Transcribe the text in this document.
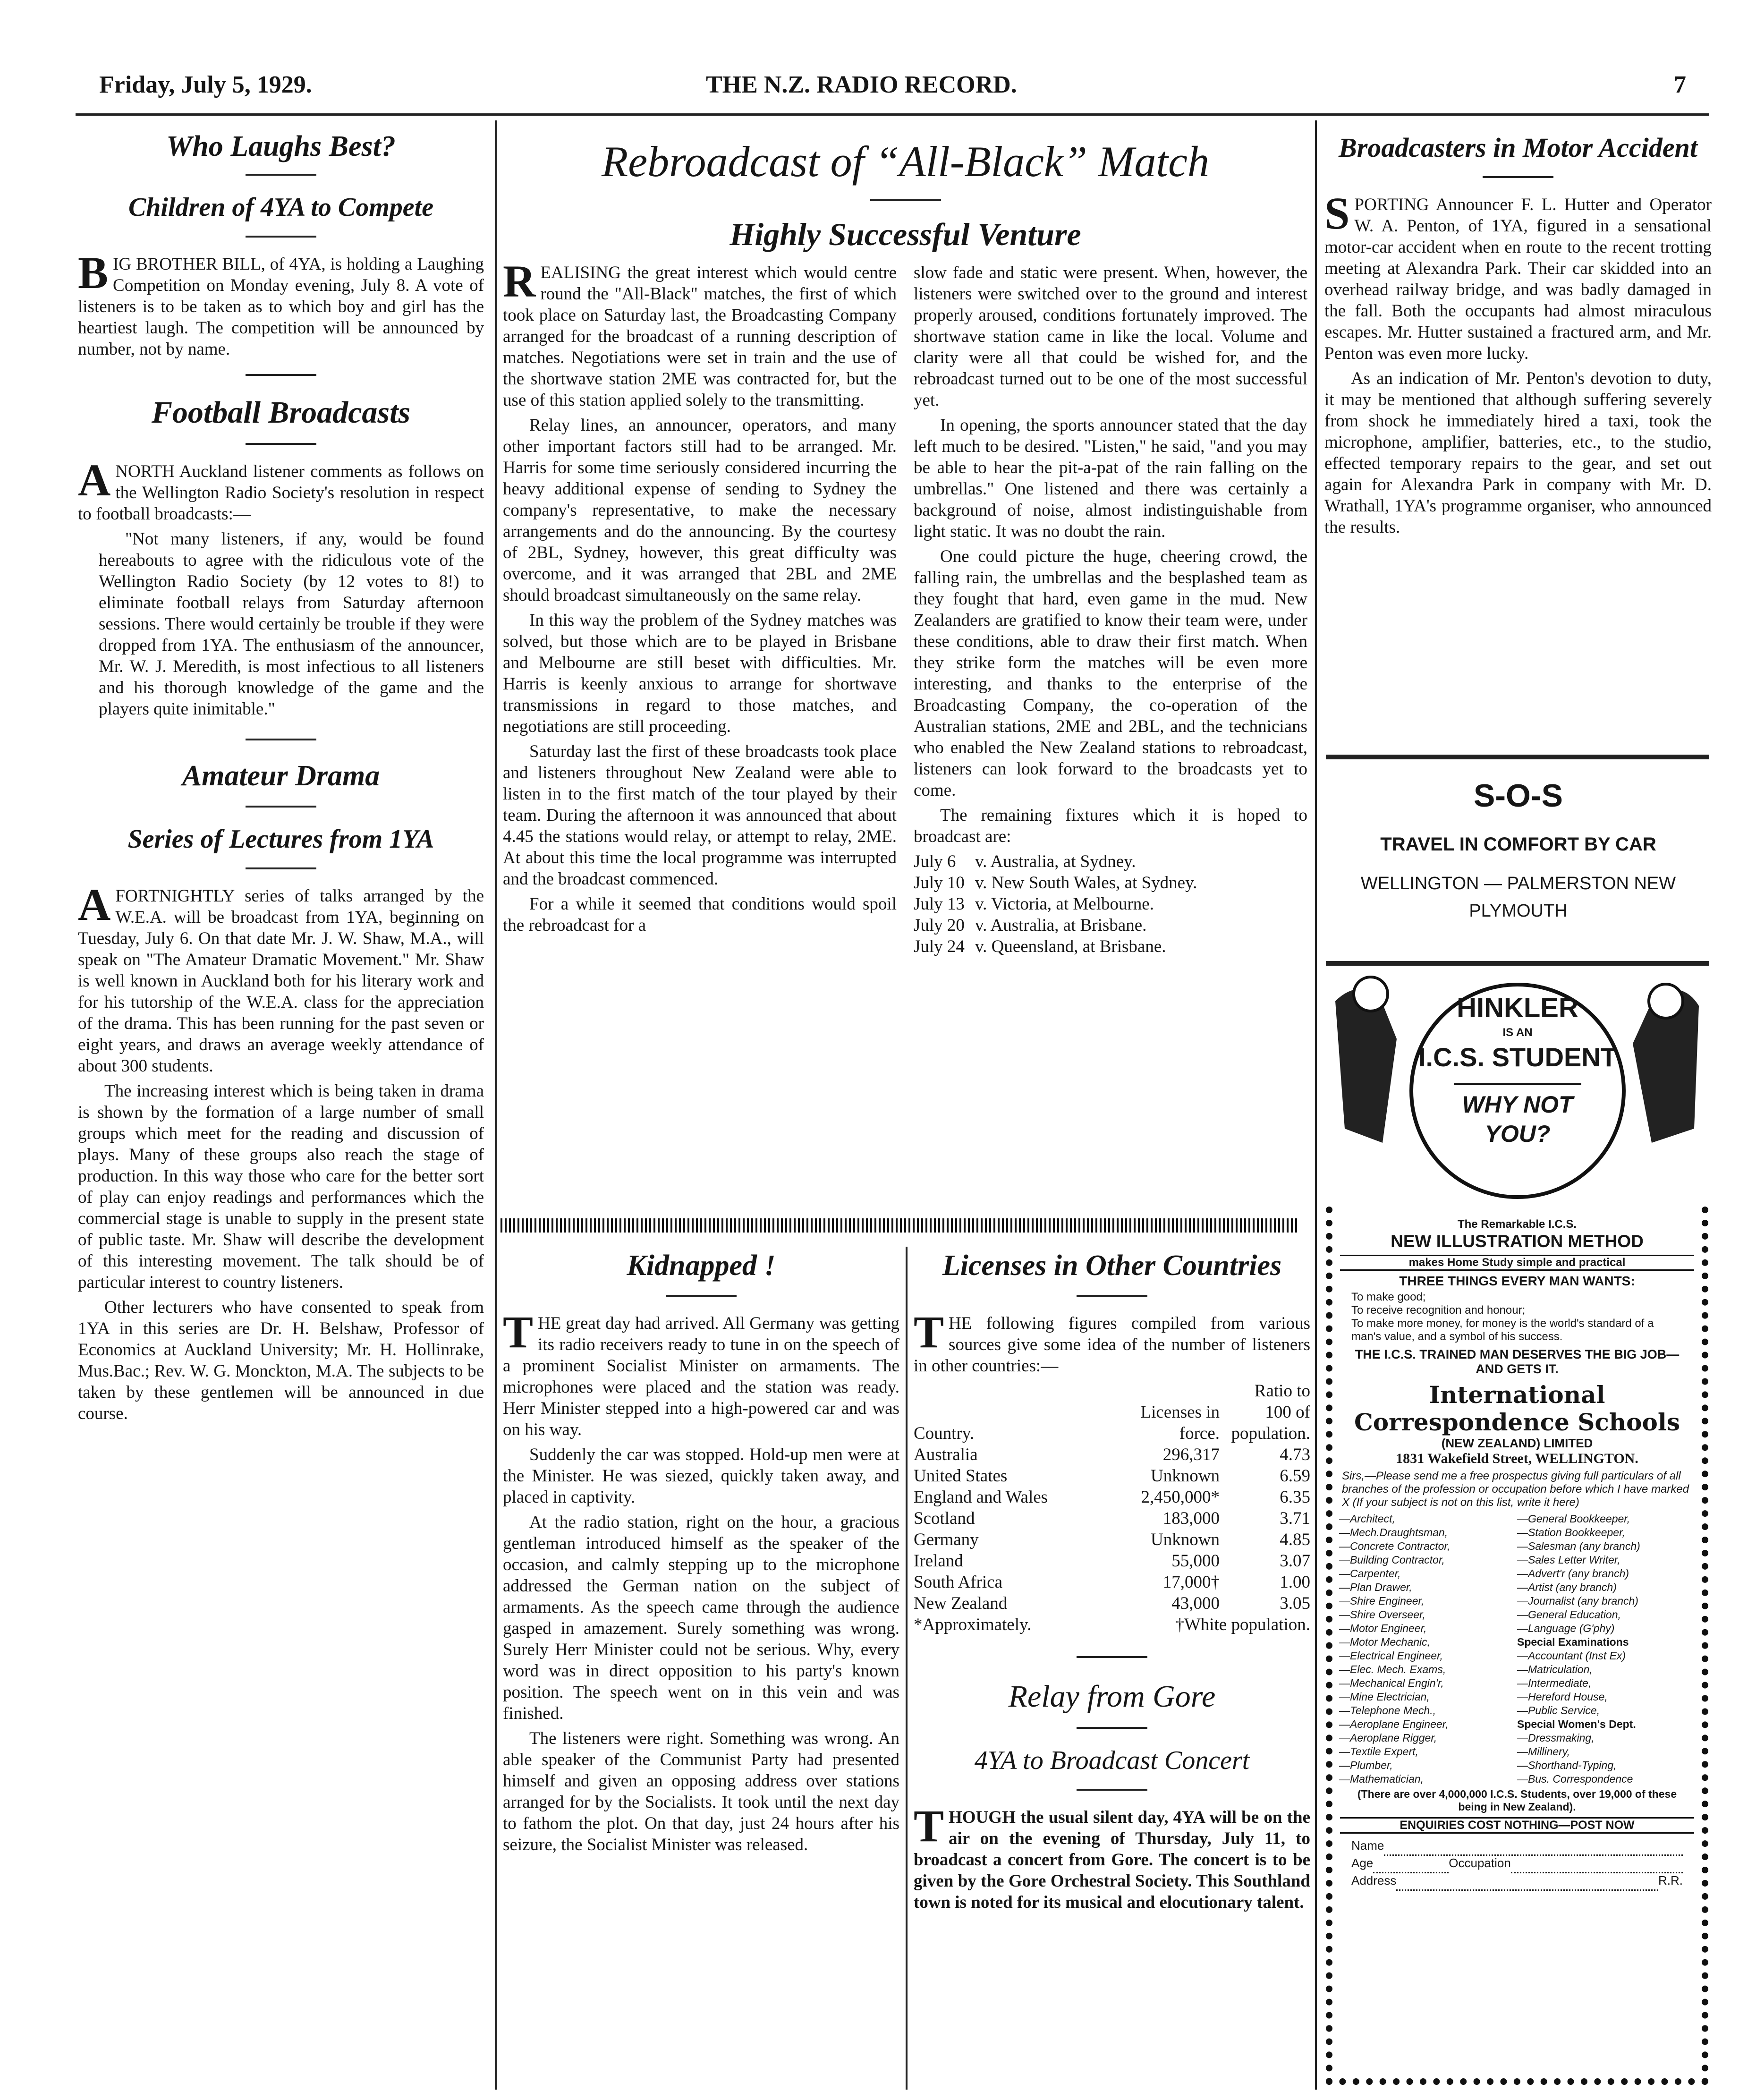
Friday, July 5, 1929.	THE N.Z. RADIO RECORD.	7
Who Laughs Best?
Children of 4YA to Compete

BIG BROTHER BILL, of 4YA, is holding a Laughing Competition on Monday evening, July 8. A vote of listeners is to be taken as to which boy and girl has the heartiest laugh. The competition will be announced by number, not by name.

Football Broadcasts

ANORTH Auckland listener comments as follows on the Wellington Radio Society's resolution in respect to football broadcasts:—

"Not many listeners, if any, would be found hereabouts to agree with the ridiculous vote of the Wellington Radio Society (by 12 votes to 8!) to eliminate football relays from Saturday afternoon sessions. There would certainly be trouble if they were dropped from 1YA. The enthusiasm of the announcer, Mr. W. J. Meredith, is most infectious to all listeners and his thorough knowledge of the game and the players quite inimitable."

Amateur Drama
Series of Lectures from 1YA

AFORTNIGHTLY series of talks arranged by the W.E.A. will be broadcast from 1YA, beginning on Tuesday, July 6. On that date Mr. J. W. Shaw, M.A., will speak on "The Amateur Dramatic Movement." Mr. Shaw is well known in Auckland both for his literary work and for his tutorship of the W.E.A. class for the appreciation of the drama. This has been running for the past seven or eight years, and draws an average weekly attendance of about 300 students.

The increasing interest which is being taken in drama is shown by the formation of a large number of small groups which meet for the reading and discussion of plays. Many of these groups also reach the stage of production. In this way those who care for the better sort of play can enjoy readings and performances which the commercial stage is unable to supply in the present state of public taste. Mr. Shaw will describe the development of this interesting movement. The talk should be of particular interest to country listeners.

Other lecturers who have consented to speak from 1YA in this series are Dr. H. Belshaw, Professor of Economics at Auckland University; Mr. H. Hollinrake, Mus.Bac.; Rev. W. G. Monckton, M.A. The subjects to be taken by these gentlemen will be announced in due course.

Rebroadcast of “All-Black” Match
Highly Successful Venture

REALISING the great interest which would centre round the "All-Black" matches, the first of which took place on Saturday last, the Broadcasting Company arranged for the broadcast of a running description of matches. Negotiations were set in train and the use of the shortwave station 2ME was contracted for, but the use of this station applied solely to the transmitting.

Relay lines, an announcer, operators, and many other important factors still had to be arranged. Mr. Harris for some time seriously considered incurring the heavy additional expense of sending to Sydney the company's representative, to make the necessary arrangements and do the announcing. By the courtesy of 2BL, Sydney, however, this great difficulty was overcome, and it was arranged that 2BL and 2ME should broadcast simultaneously on the same relay.

In this way the problem of the Sydney matches was solved, but those which are to be played in Brisbane and Melbourne are still beset with difficulties. Mr. Harris is keenly anxious to arrange for shortwave transmissions in regard to those matches, and negotiations are still proceeding.

Saturday last the first of these broadcasts took place and listeners throughout New Zealand were able to listen in to the first match of the tour played by their team. During the afternoon it was announced that about 4.45 the stations would relay, or attempt to relay, 2ME. At about this time the local programme was interrupted and the broadcast commenced.

For a while it seemed that conditions would spoil the rebroadcast for a

slow fade and static were present. When, however, the listeners were switched over to the ground and interest properly aroused, conditions fortunately improved. The shortwave station came in like the local. Volume and clarity were all that could be wished for, and the rebroadcast turned out to be one of the most successful yet.

In opening, the sports announcer stated that the day left much to be desired. "Listen," he said, "and you may be able to hear the pit-a-pat of the rain falling on the umbrellas." One listened and there was certainly a background of noise, almost indistinguishable from light static. It was no doubt the rain.

One could picture the huge, cheering crowd, the falling rain, the umbrellas and the besplashed team as they fought that hard, even game in the mud. New Zealanders are gratified to know their team were, under these conditions, able to draw their first match. When they strike form the matches will be even more interesting, and thanks to the enterprise of the Broadcasting Company, the co-operation of the Australian stations, 2ME and 2BL, and the technicians who enabled the New Zealand stations to rebroadcast, listeners can look forward to the broadcasts yet to come.

The remaining fixtures which it is hoped to broadcast are:

July 6	v. Australia, at Sydney.
July 10 v. New South Wales, at Sydney.
July 13 v. Victoria, at Melbourne.
July 20 v. Australia, at Brisbane.
July 24 v. Queensland, at Brisbane.
Kidnapped !

THE great day had arrived. All Germany was getting its radio receivers ready to tune in on the speech of a prominent Socialist Minister on armaments. The microphones were placed and the station was ready. Herr Minister stepped into a high-powered car and was on his way.

Suddenly the car was stopped. Hold-up men were at the Minister. He was siezed, quickly taken away, and placed in captivity.

At the radio station, right on the hour, a gracious gentleman introduced himself as the speaker of the occasion, and calmly stepping up to the microphone addressed the German nation on the subject of armaments. As the speech came through the audience gasped in amazement. Surely something was wrong. Surely Herr Minister could not be serious. Why, every word was in direct opposition to his party's known position. The speech went on in this vein and was finished.

The listeners were right. Something was wrong. An able speaker of the Communist Party had presented himself and given an opposing address over stations arranged for by the Socialists. It took until the next day to fathom the plot. On that day, just 24 hours after his seizure, the Socialist Minister was released.

Licenses in Other Countries

THE following figures compiled from various sources give some idea of the number of listeners in other countries:—

Country.	Licenses in force.	Ratio to 100 of population.
Australia	296,317	4.73
United States	Unknown	6.59
England and Wales	2,450,000*	6.35
Scotland	183,000	3.71
Germany	Unknown	4.85
Ireland	55,000	3.07
South Africa	17,000†	1.00
New Zealand	43,000	3.05
*Approximately.	†White population.	
Relay from Gore
4YA to Broadcast Concert

THOUGH the usual silent day, 4YA will be on the air on the evening of Thursday, July 11, to broadcast a concert from Gore. The concert is to be given by the Gore Orchestral Society. This Southland town is noted for its musical and elocutionary talent.

Broadcasters in Motor Accident

SPORTING Announcer F. L. Hutter and Operator W. A. Penton, of 1YA, figured in a sensational motor-car accident when en route to the recent trotting meeting at Alexandra Park. Their car skidded into an overhead railway bridge, and was badly damaged in the fall. Both the occupants had almost miraculous escapes. Mr. Hutter sustained a fractured arm, and Mr. Penton was even more lucky.

As an indication of Mr. Penton's devotion to duty, it may be mentioned that although suffering severely from shock he immediately hired a taxi, took the microphone, amplifier, batteries, etc., to the studio, effected temporary repairs to the gear, and set out again for Alexandra Park in company with Mr. D. Wrathall, 1YA's programme organiser, who announced the results.

S-O-S
TRAVEL IN COMFORT BY CAR
WELLINGTON — PALMERSTON NEW PLYMOUTH
HINKLER
IS AN
I.C.S. STUDENT
WHY NOT YOU?
The Remarkable I.C.S.
NEW ILLUSTRATION METHOD
makes Home Study simple and practical
THREE THINGS EVERY MAN WANTS:
To make good;
To receive recognition and honour;
To make more money, for money is the world's standard of a man's value, and a symbol of his success.
THE I.C.S. TRAINED MAN DESERVES THE BIG JOB—AND GETS IT.
International Correspondence Schools
(NEW ZEALAND) LIMITED
1831 Wakefield Street, WELLINGTON.
Sirs,—Please send me a free prospectus giving full particulars of all branches of the profession or occupation before which I have marked X (If your subject is not on this list, write it here)
—Architect,
—Mech.Draughtsman,
—Concrete Contractor,
—Building Contractor,
—Carpenter,
—Plan Drawer,
—Shire Engineer,
—Shire Overseer,
—Motor Engineer,
—Motor Mechanic,
—Electrical Engineer,
—Elec. Mech. Exams,
—Mechanical Engin'r,
—Mine Electrician,
—Telephone Mech.,
—Aeroplane Engineer,
—Aeroplane Rigger,
—Textile Expert,
—Plumber,
—Mathematician,
—General Bookkeeper,
—Station Bookkeeper,
—Salesman (any branch)
—Sales Letter Writer,
—Advert'r (any branch)
—Artist (any branch)
—Journalist (any branch)
—General Education,
—Language (G'phy)
Special Examinations
—Accountant (Inst Ex)
—Matriculation,
—Intermediate,
—Hereford House,
—Public Service,
Special Women's Dept.
—Dressmaking,
—Millinery,
—Shorthand-Typing,
—Bus. Correspondence
(There are over 4,000,000 I.C.S. Students, over 19,000 of these being in New Zealand).
ENQUIRIES COST NOTHING—POST NOW
Name
Age	Occupation
Address	R.R.
